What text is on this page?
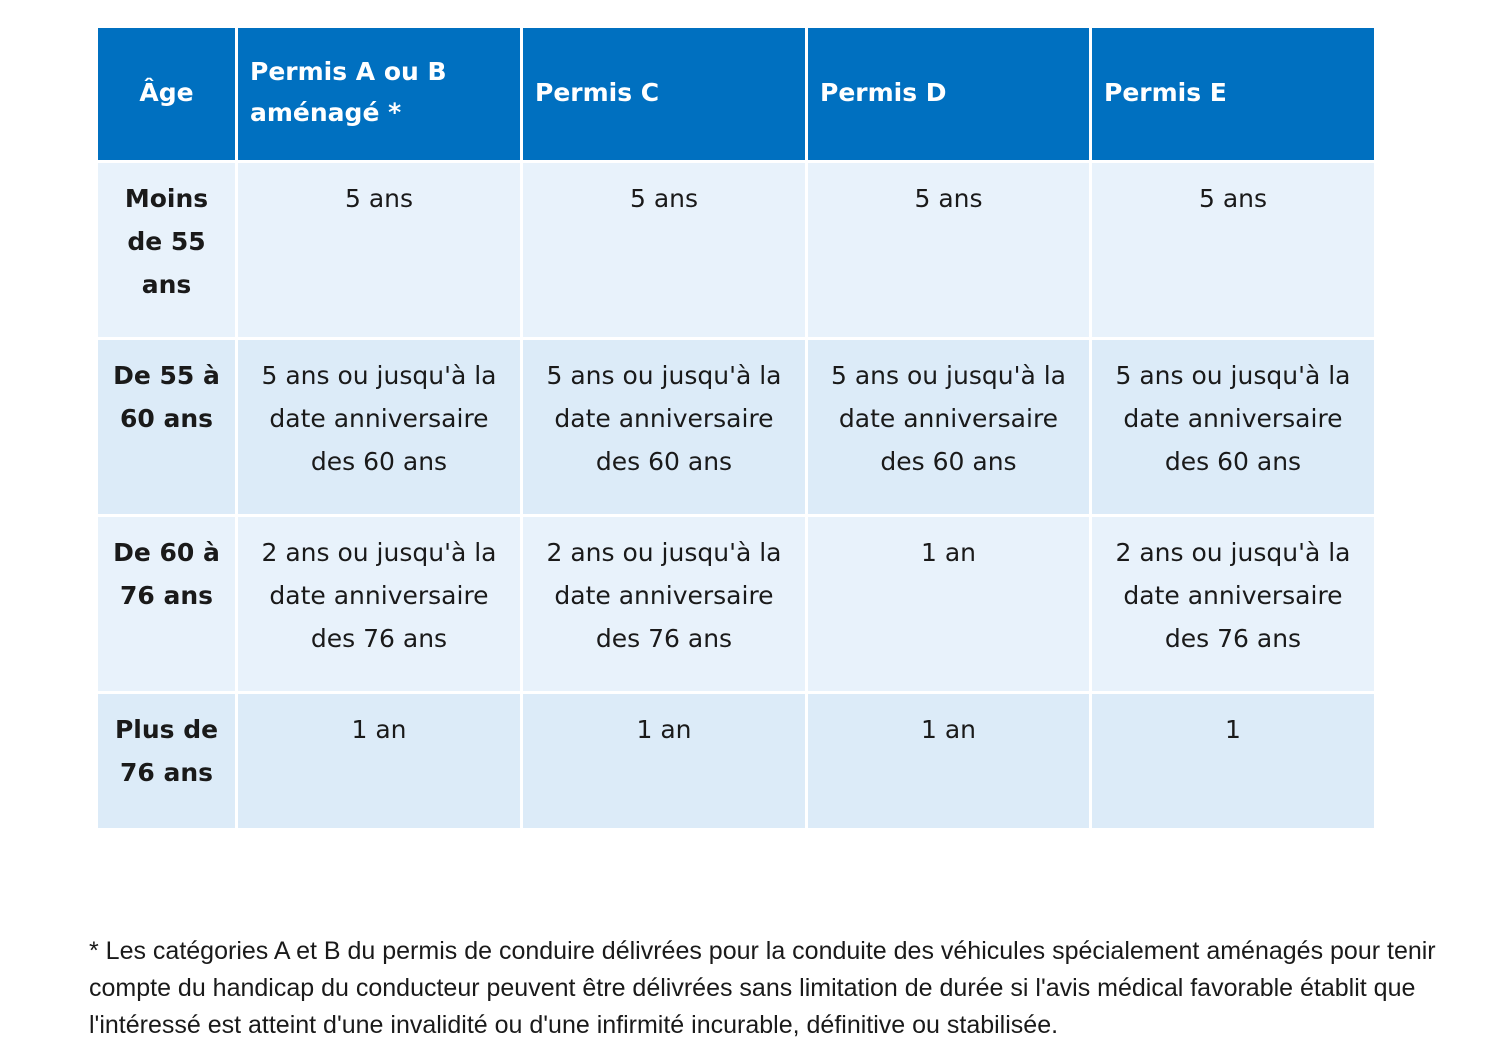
Âge	Permis A ou B aménagé *	Permis C	Permis D	Permis E
Moins de 55 ans	5 ans	5 ans	5 ans	5 ans
De 55 à 60 ans	5 ans ou jusqu'à la date anniversaire des 60 ans	5 ans ou jusqu'à la date anniversaire des 60 ans	5 ans ou jusqu'à la date anniversaire des 60 ans	5 ans ou jusqu'à la date anniversaire des 60 ans
De 60 à 76 ans	2 ans ou jusqu'à la date anniversaire des 76 ans	2 ans ou jusqu'à la date anniversaire des 76 ans	1 an	2 ans ou jusqu'à la date anniversaire des 76 ans
Plus de 76 ans	1 an	1 an	1 an	1

* Les catégories A et B du permis de conduire délivrées pour la conduite des véhicules spécialement aménagés pour tenir compte du handicap du conducteur peuvent être délivrées sans limitation de durée si l'avis médical favorable établit que l'intéressé est atteint d'une invalidité ou d'une infirmité incurable, définitive ou stabilisée.
